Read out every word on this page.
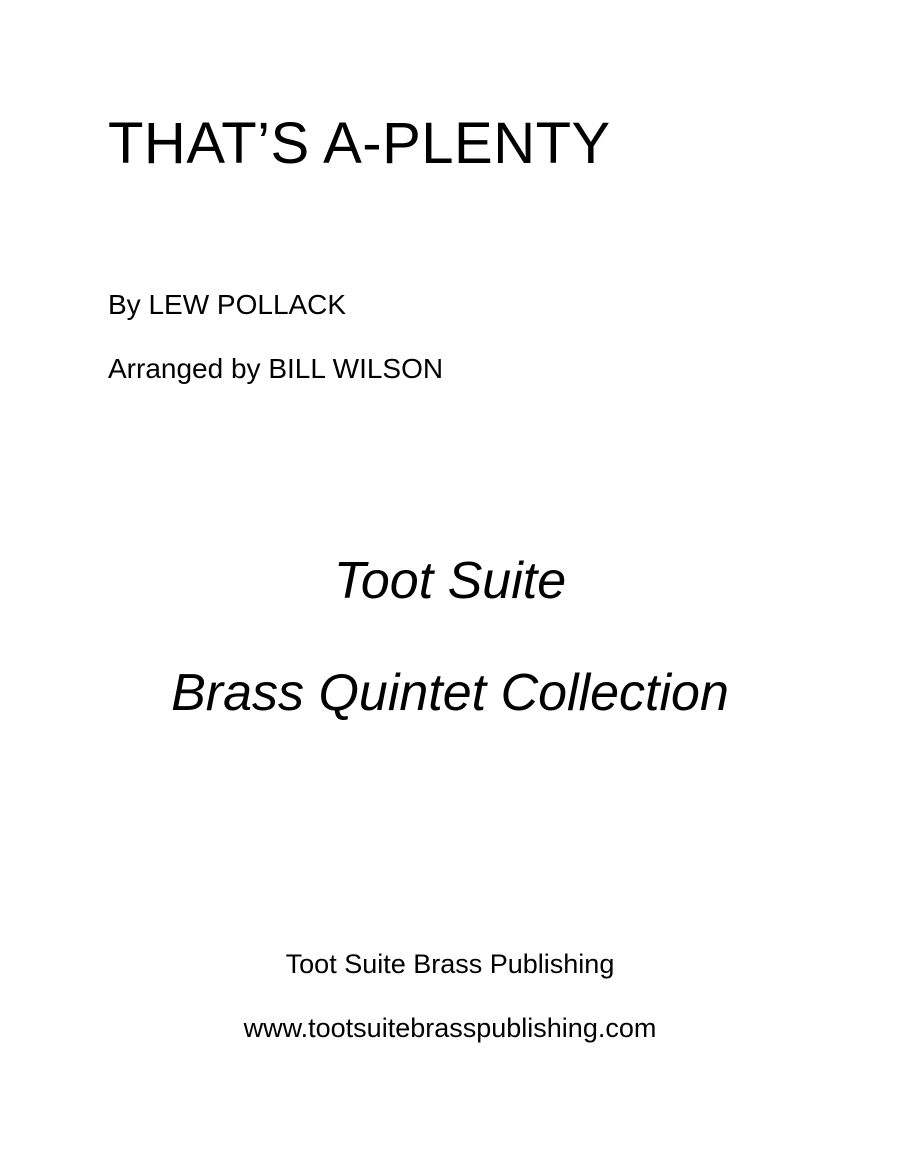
THAT’S A-PLENTY
By LEW POLLACK
Arranged by BILL WILSON
Toot Suite
Brass Quintet Collection
Toot Suite Brass Publishing
www.tootsuitebrasspublishing.com
